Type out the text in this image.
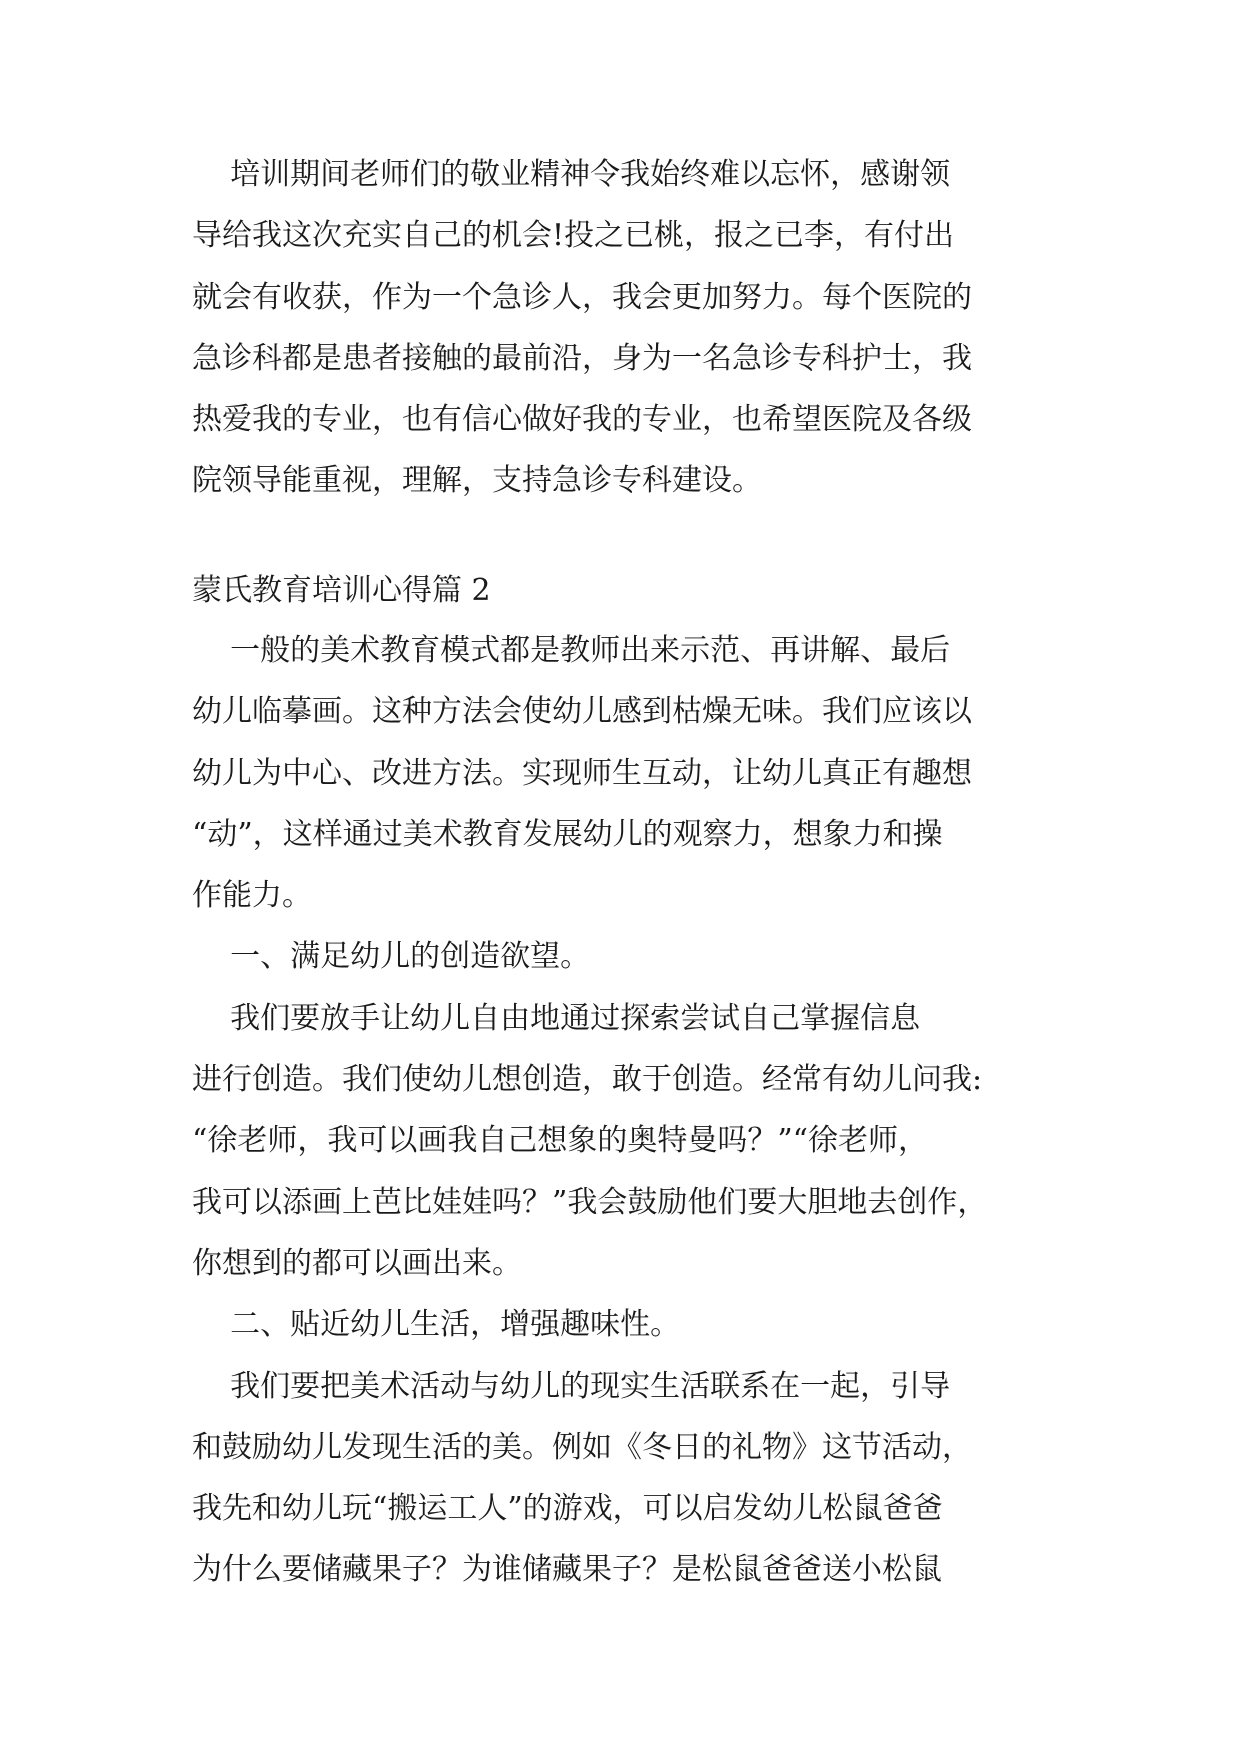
培训期间老师们的敬业精神令我始终难以忘怀，感谢领
导给我这次充实自己的机会!投之已桃，报之已李，有付出
就会有收获，作为一个急诊人，我会更加努力。每个医院的
急诊科都是患者接触的最前沿，身为一名急诊专科护士，我
热爱我的专业，也有信心做好我的专业，也希望医院及各级
院领导能重视，理解，支持急诊专科建设。
蒙氏教育培训心得篇 2
一般的美术教育模式都是教师出来示范、再讲解、最后
幼儿临摹画。这种方法会使幼儿感到枯燥无味。我们应该以
幼儿为中心、改进方法。实现师生互动，让幼儿真正有趣想
“动”，这样通过美术教育发展幼儿的观察力，想象力和操
作能力。
一、满足幼儿的创造欲望。
我们要放手让幼儿自由地通过探索尝试自己掌握信息
进行创造。我们使幼儿想创造，敢于创造。经常有幼儿问我:
“徐老师，我可以画我自己想象的奥特曼吗？”“徐老师，
我可以添画上芭比娃娃吗？”我会鼓励他们要大胆地去创作，
你想到的都可以画出来。
二、贴近幼儿生活，增强趣味性。
我们要把美术活动与幼儿的现实生活联系在一起，引导
和鼓励幼儿发现生活的美。例如《冬日的礼物》这节活动，
我先和幼儿玩“搬运工人”的游戏，可以启发幼儿松鼠爸爸
为什么要储藏果子？为谁储藏果子？是松鼠爸爸送小松鼠
